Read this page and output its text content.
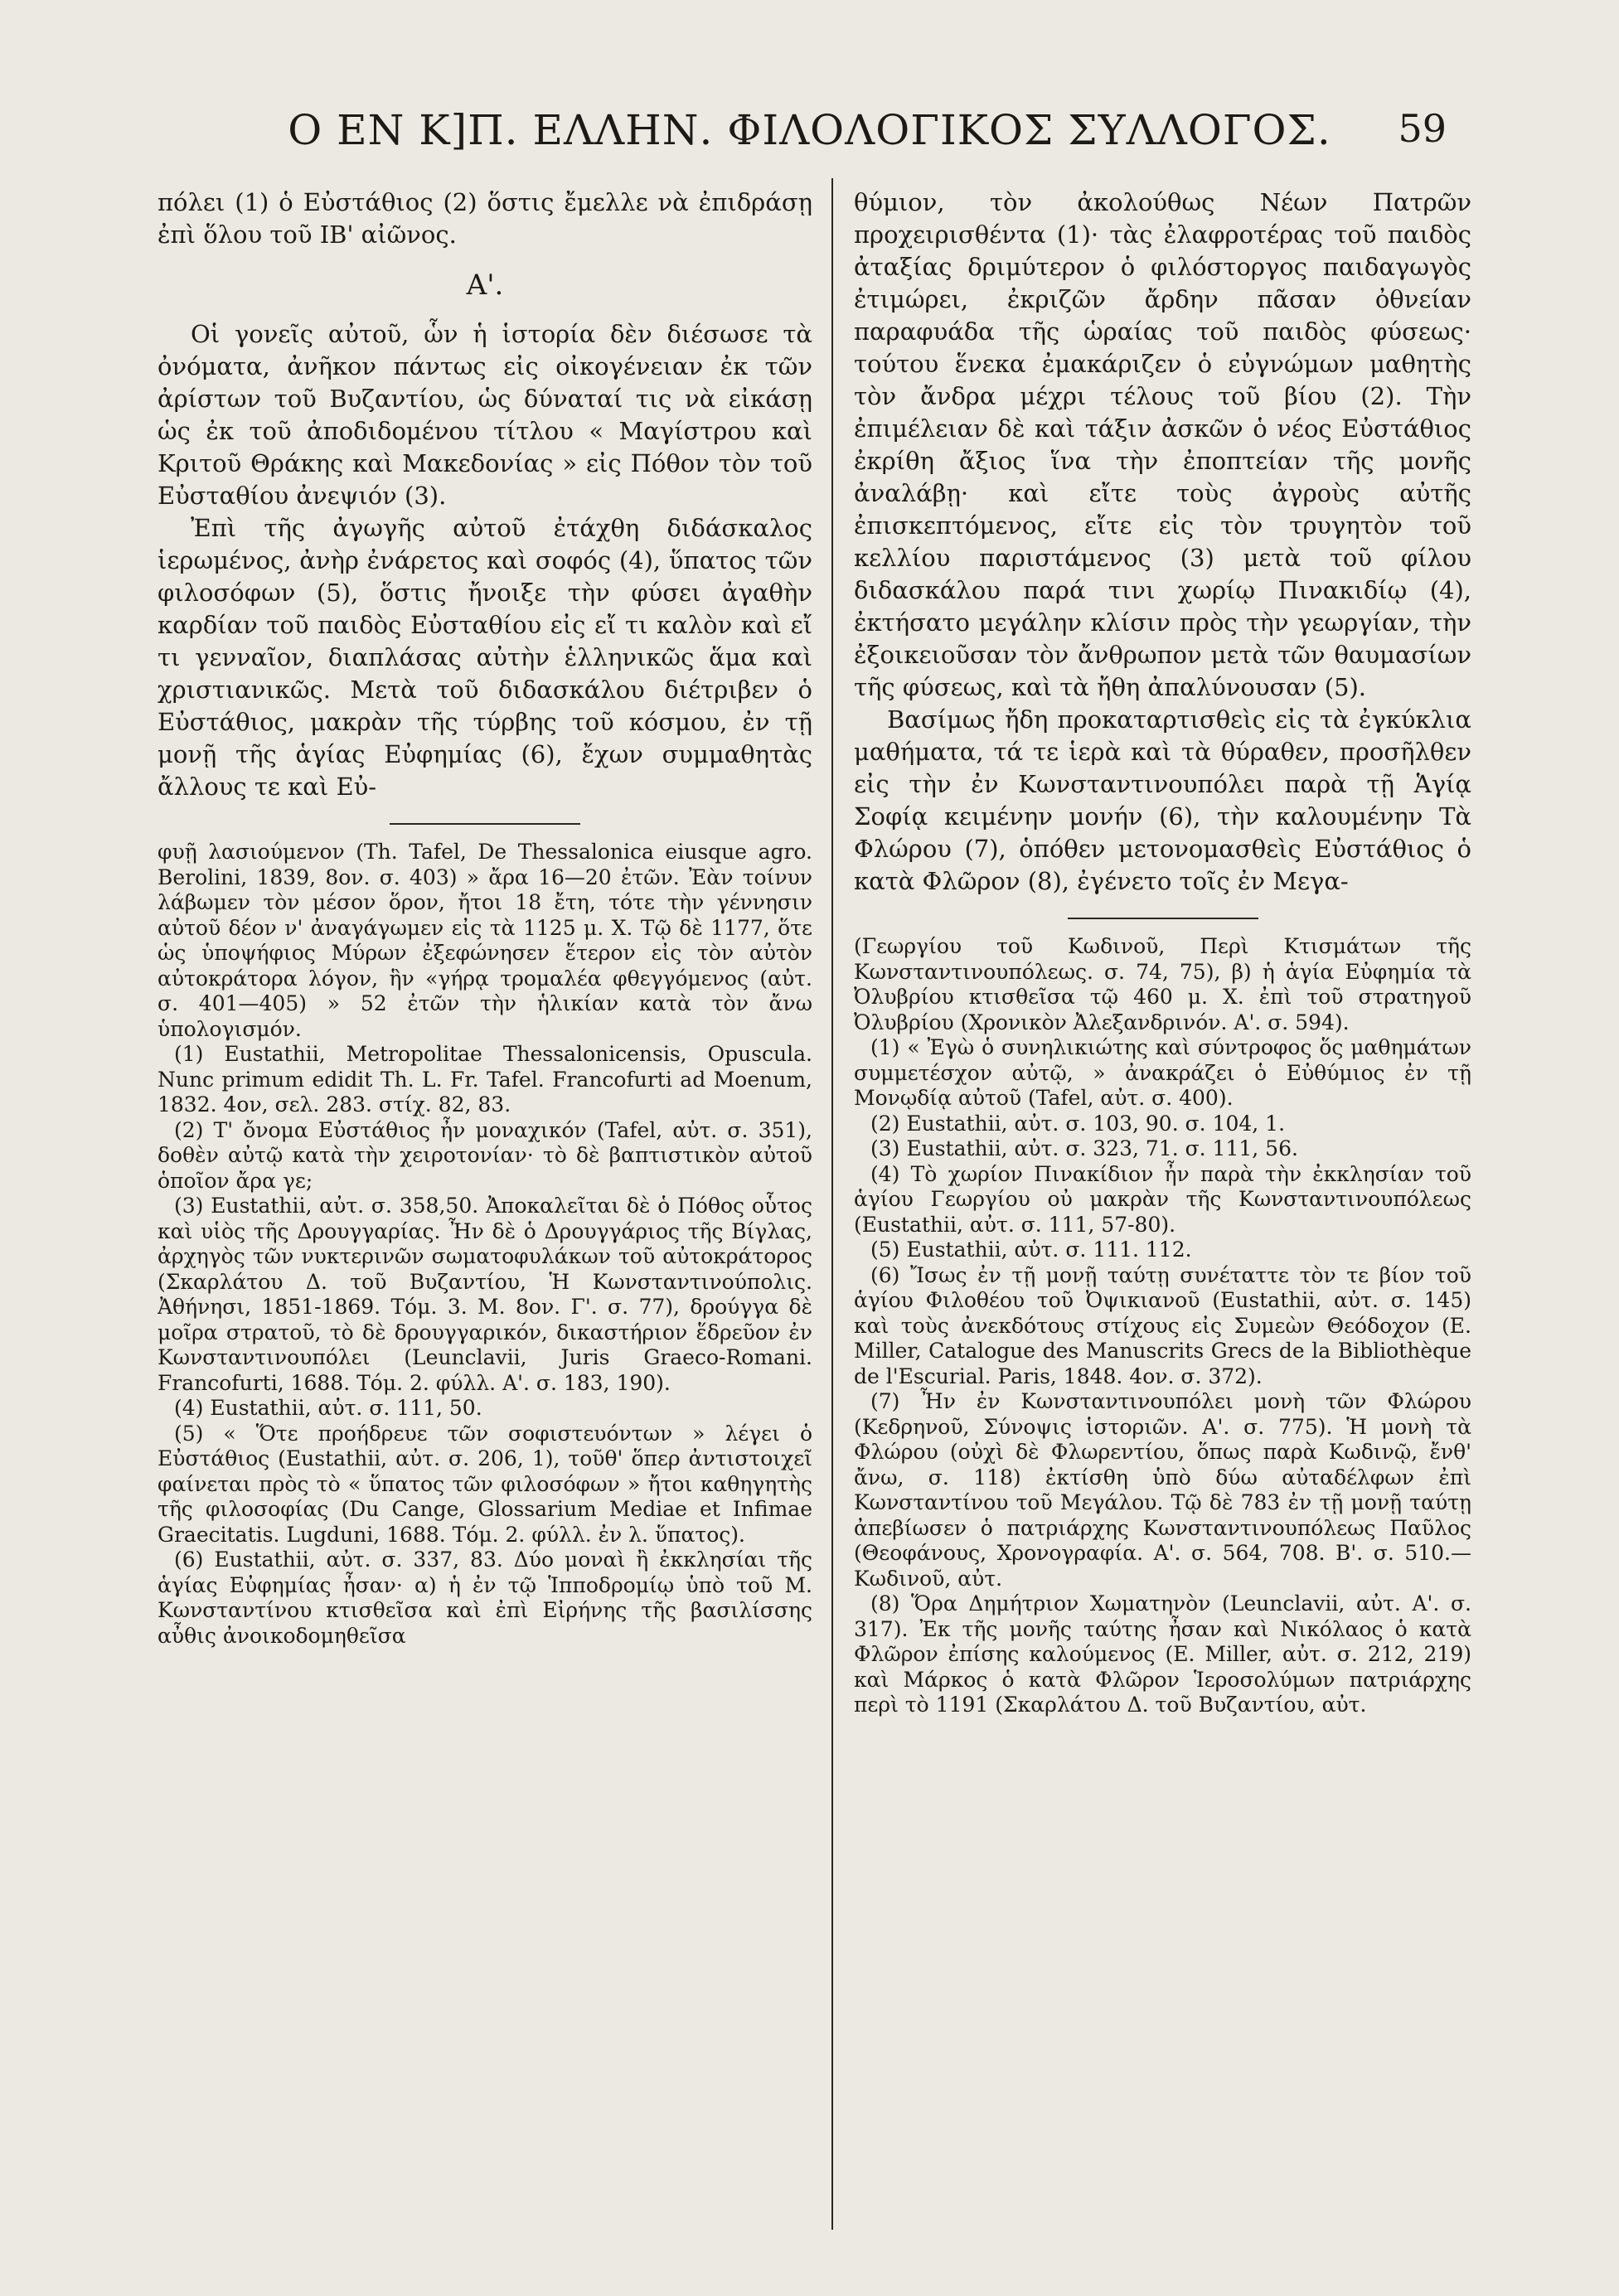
Ο ΕΝ Κ]Π. ΕΛΛΗΝ. ΦΙΛΟΛΟΓΙΚΟΣ ΣΥΛΛΟΓΟΣ.	59

πόλει (1) ὁ Εὐστάθιος (2) ὅστις ἔμελλε νὰ ἐπιδράσῃ ἐπὶ ὅλου τοῦ ΙΒ' αἰῶνος.

Α'.

Οἱ γονεῖς αὐτοῦ, ὧν ἡ ἱστορία δὲν διέσωσε τὰ ὀνόματα, ἀνῆκον πάντως εἰς οἰκογένειαν ἐκ τῶν ἀρίστων τοῦ Βυζαντίου, ὡς δύναταί τις νὰ εἰκάσῃ ὡς ἐκ τοῦ ἀποδιδομένου τίτλου « Μαγίστρου καὶ Κριτοῦ Θράκης καὶ Μακεδονίας » εἰς Πόθον τὸν τοῦ Εὐσταθίου ἀνεψιόν (3).

Ἐπὶ τῆς ἀγωγῆς αὐτοῦ ἐτάχθη διδάσκαλος ἱερωμένος, ἀνὴρ ἐνάρετος καὶ σοφός (4), ὕπατος τῶν φιλοσόφων (5), ὅστις ἤνοιξε τὴν φύσει ἀγαθὴν καρδίαν τοῦ παιδὸς Εὐσταθίου εἰς εἴ τι καλὸν καὶ εἴ τι γενναῖον, διαπλάσας αὐτὴν ἑλληνικῶς ἅμα καὶ χριστιανικῶς. Μετὰ τοῦ διδασκάλου διέτριβεν ὁ Εὐστάθιος, μακρὰν τῆς τύρβης τοῦ κόσμου, ἐν τῇ μονῇ τῆς ἁγίας Εὐφημίας (6), ἔχων συμμαθητὰς ἄλλους τε καὶ Εὐ-

φυῇ λασιούμενον (Th. Tafel, De Thessalonica eiusque agro. Berolini, 1839, 8ον. σ. 403) » ἄρα 16—20 ἐτῶν. Ἐὰν τοίνυν λάβωμεν τὸν μέσον ὅρον, ἤτοι 18 ἔτη, τότε τὴν γέννησιν αὐτοῦ δέον ν' ἀναγάγωμεν εἰς τὰ 1125 μ. Χ. Τῷ δὲ 1177, ὅτε ὡς ὑποψήφιος Μύρων ἐξεφώνησεν ἕτερον εἰς τὸν αὐτὸν αὐτοκράτορα λόγον, ἣν «γήρᾳ τρομαλέα φθεγγόμενος (αὐτ. σ. 401—405) » 52 ἐτῶν τὴν ἡλικίαν κατὰ τὸν ἄνω ὑπολογισμόν.

(1) Eustathii, Metropolitae Thessalonicensis, Opuscula. Nunc primum edidit Th. L. Fr. Tafel. Francofurti ad Moenum, 1832. 4ον, σελ. 283. στίχ. 82, 83.

(2) Τ' ὄνομα Εὐστάθιος ἦν μοναχικόν (Tafel, αὐτ. σ. 351), δοθὲν αὐτῷ κατὰ τὴν χειροτονίαν· τὸ δὲ βαπτιστικὸν αὐτοῦ ὁποῖον ἄρα γε;

(3) Eustathii, αὐτ. σ. 358,50. Ἀποκαλεῖται δὲ ὁ Πόθος οὗτος καὶ υἱὸς τῆς Δρουγγαρίας. Ἦν δὲ ὁ Δρουγγάριος τῆς Βίγλας, ἀρχηγὸς τῶν νυκτερινῶν σωματοφυλάκων τοῦ αὐτοκράτορος (Σκαρλάτου Δ. τοῦ Βυζαντίου, Ἡ Κωνσταντινούπολις. Ἀθήνησι, 1851-1869. Τόμ. 3. Μ. 8ον. Γ'. σ. 77), δρούγγα δὲ μοῖρα στρατοῦ, τὸ δὲ δρουγγαρικόν, δικαστήριον ἕδρεῦον ἐν Κωνσταντινουπόλει (Leunclavii, Juris Graeco-Romani. Francofurti, 1688. Τόμ. 2. φύλλ. Α'. σ. 183, 190).

(4) Eustathii, αὐτ. σ. 111, 50.

(5) « Ὅτε προήδρευε τῶν σοφιστευόντων » λέγει ὁ Εὐστάθιος (Eustathii, αὐτ. σ. 206, 1), τοῦθ' ὅπερ ἀντιστοιχεῖ φαίνεται πρὸς τὸ « ὕπατος τῶν φιλοσόφων » ἤτοι καθηγητὴς τῆς φιλοσοφίας (Du Cange, Glossarium Mediae et Infimae Graecitatis. Lugduni, 1688. Τόμ. 2. φύλλ. ἐν λ. ὕπατος).

(6) Eustathii, αὐτ. σ. 337, 83. Δύο μοναὶ ἢ ἐκκλησίαι τῆς ἁγίας Εὐφημίας ἦσαν· α) ἡ ἐν τῷ Ἱπποδρομίῳ ὑπὸ τοῦ Μ. Κωνσταντίνου κτισθεῖσα καὶ ἐπὶ Εἰρήνης τῆς βασιλίσσης αὖθις ἀνοικοδομηθεῖσα

θύμιον, τὸν ἀκολούθως Νέων Πατρῶν προχειρισθέντα (1)· τὰς ἐλαφροτέρας τοῦ παιδὸς ἀταξίας δριμύτερον ὁ φιλόστοργος παιδαγωγὸς ἐτιμώρει, ἐκριζῶν ἄρδην πᾶσαν ὀθνείαν παραφυάδα τῆς ὡραίας τοῦ παιδὸς φύσεως· τούτου ἕνεκα ἐμακάριζεν ὁ εὐγνώμων μαθητὴς τὸν ἄνδρα μέχρι τέλους τοῦ βίου (2). Τὴν ἐπιμέλειαν δὲ καὶ τάξιν ἀσκῶν ὁ νέος Εὐστάθιος ἐκρίθη ἄξιος ἵνα τὴν ἐποπτείαν τῆς μονῆς ἀναλάβῃ· καὶ εἴτε τοὺς ἀγροὺς αὐτῆς ἐπισκεπτόμενος, εἴτε εἰς τὸν τρυγητὸν τοῦ κελλίου παριστάμενος (3) μετὰ τοῦ φίλου διδασκάλου παρά τινι χωρίῳ Πινακιδίῳ (4), ἐκτήσατο μεγάλην κλίσιν πρὸς τὴν γεωργίαν, τὴν ἐξοικειοῦσαν τὸν ἄνθρωπον μετὰ τῶν θαυμασίων τῆς φύσεως, καὶ τὰ ἤθη ἀπαλύνουσαν (5).

Βασίμως ἤδη προκαταρτισθεὶς εἰς τὰ ἐγκύκλια μαθήματα, τά τε ἱερὰ καὶ τὰ θύραθεν, προσῆλθεν εἰς τὴν ἐν Κωνσταντινουπόλει παρὰ τῇ Ἁγίᾳ Σοφίᾳ κειμένην μονήν (6), τὴν καλουμένην Τὰ Φλώρου (7), ὁπόθεν μετονομασθεὶς Εὐστάθιος ὁ κατὰ Φλῶρον (8), ἐγένετο τοῖς ἐν Μεγα-

(Γεωργίου τοῦ Κωδινοῦ, Περὶ Κτισμάτων τῆς Κωνσταντινουπόλεως. σ. 74, 75), β) ἡ ἁγία Εὐφημία τὰ Ὀλυβρίου κτισθεῖσα τῷ 460 μ. Χ. ἐπὶ τοῦ στρατηγοῦ Ὀλυβρίου (Χρονικὸν Ἀλεξανδρινόν. Α'. σ. 594).

(1) « Ἐγὼ ὁ συνηλικιώτης καὶ σύντροφος ὅς μαθημάτων συμμετέσχον αὐτῷ, » ἀνακράζει ὁ Εὐθύμιος ἐν τῇ Μονῳδίᾳ αὐτοῦ (Tafel, αὐτ. σ. 400).

(2) Eustathii, αὐτ. σ. 103, 90. σ. 104, 1.

(3) Eustathii, αὐτ. σ. 323, 71. σ. 111, 56.

(4) Τὸ χωρίον Πινακίδιον ἦν παρὰ τὴν ἐκκλησίαν τοῦ ἁγίου Γεωργίου οὐ μακρὰν τῆς Κωνσταντινουπόλεως (Eustathii, αὐτ. σ. 111, 57-80).

(5) Eustathii, αὐτ. σ. 111. 112.

(6) Ἴσως ἐν τῇ μονῇ ταύτῃ συνέταττε τὸν τε βίον τοῦ ἁγίου Φιλοθέου τοῦ Ὀψικιανοῦ (Eustathii, αὐτ. σ. 145) καὶ τοὺς ἀνεκδότους στίχους εἰς Συμεὼν Θεόδοχον (E. Miller, Catalogue des Manuscrits Grecs de la Bibliothèque de l'Escurial. Paris, 1848. 4ον. σ. 372).

(7) Ἦν ἐν Κωνσταντινουπόλει μονὴ τῶν Φλώρου (Κεδρηνοῦ, Σύνοψις ἱστοριῶν. Α'. σ. 775). Ἡ μονὴ τὰ Φλώρου (οὐχὶ δὲ Φλωρεντίου, ὅπως παρὰ Κωδινῷ, ἔνθ' ἄνω, σ. 118) ἐκτίσθη ὑπὸ δύω αὐταδέλφων ἐπὶ Κωνσταντίνου τοῦ Μεγάλου. Τῷ δὲ 783 ἐν τῇ μονῇ ταύτῃ ἀπεβίωσεν ὁ πατριάρχης Κωνσταντινουπόλεως Παῦλος (Θεοφάνους, Χρονογραφία. Α'. σ. 564, 708. Β'. σ. 510.—Κωδινοῦ, αὐτ.

(8) Ὅρα Δημήτριον Χωματηνὸν (Leunclavii, αὐτ. Α'. σ. 317). Ἐκ τῆς μονῆς ταύτης ἦσαν καὶ Νικόλαος ὁ κατὰ Φλῶρον ἐπίσης καλούμενος (E. Miller, αὐτ. σ. 212, 219) καὶ Μάρκος ὁ κατὰ Φλῶρον Ἱεροσολύμων πατριάρχης περὶ τὸ 1191 (Σκαρλάτου Δ. τοῦ Βυζαντίου, αὐτ.
